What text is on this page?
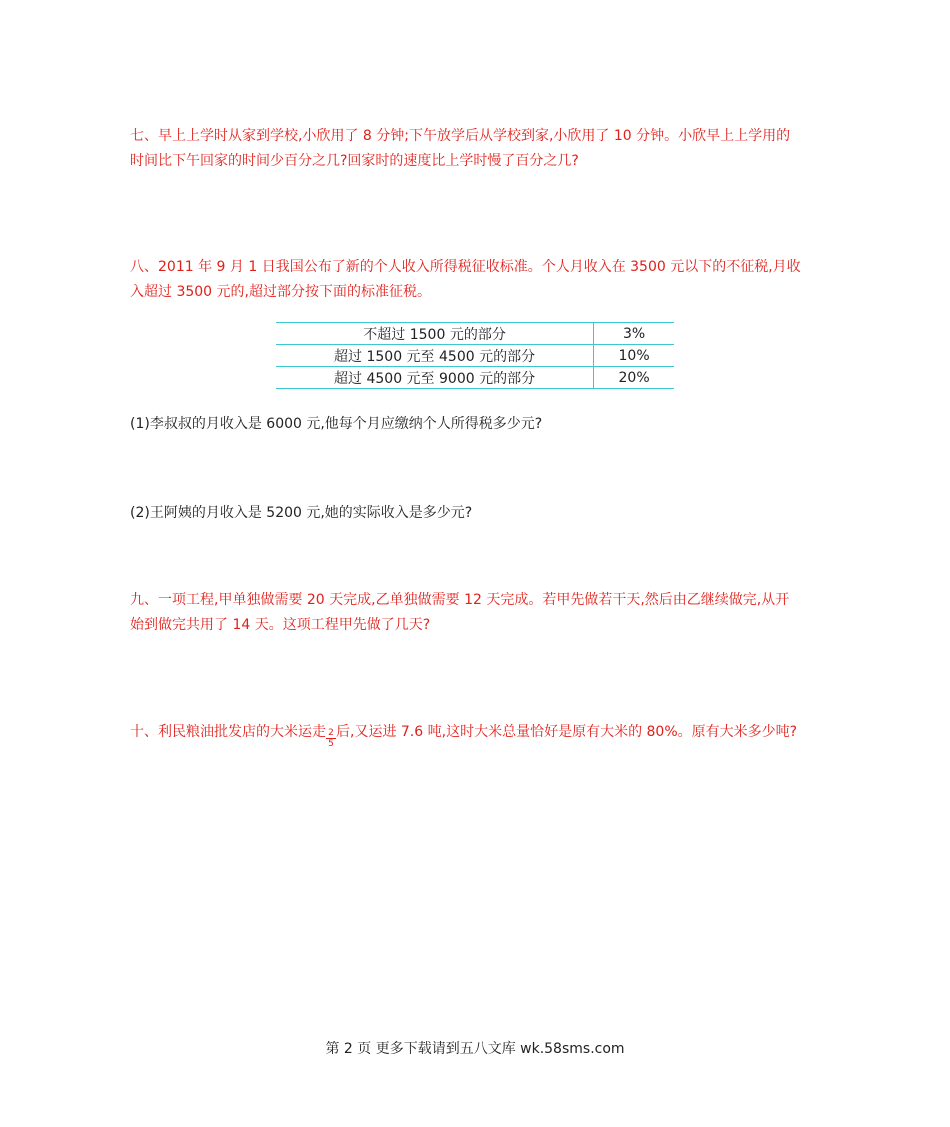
七、早上上学时从家到学校,小欣用了 8 分钟;下午放学后从学校到家,小欣用了 10 分钟。小欣早上上学用的
时间比下午回家的时间少百分之几?回家时的速度比上学时慢了百分之几?

八、2011 年 9 月 1 日我国公布了新的个人收入所得税征收标准。个人月收入在 3500 元以下的不征税,月收
入超过 3500 元的,超过部分按下面的标准征税。

不超过 1500 元的部分	3%
超过 1500 元至 4500 元的部分	10%
超过 4500 元至 9000 元的部分	20%

(1)李叔叔的月收入是 6000 元,他每个月应缴纳个人所得税多少元?

(2)王阿姨的月收入是 5200 元,她的实际收入是多少元?

九、一项工程,甲单独做需要 20 天完成,乙单独做需要 12 天完成。若甲先做若干天,然后由乙继续做完,从开
始到做完共用了 14 天。这项工程甲先做了几天?

十、利民粮油批发店的大米运走 $\frac{2}{5}$ 后,又运进 7.6 吨,这时大米总量恰好是原有大米的 80%。原有大米多少吨?

第 2 页 更多下载请到五八文库 wk.58sms.com
